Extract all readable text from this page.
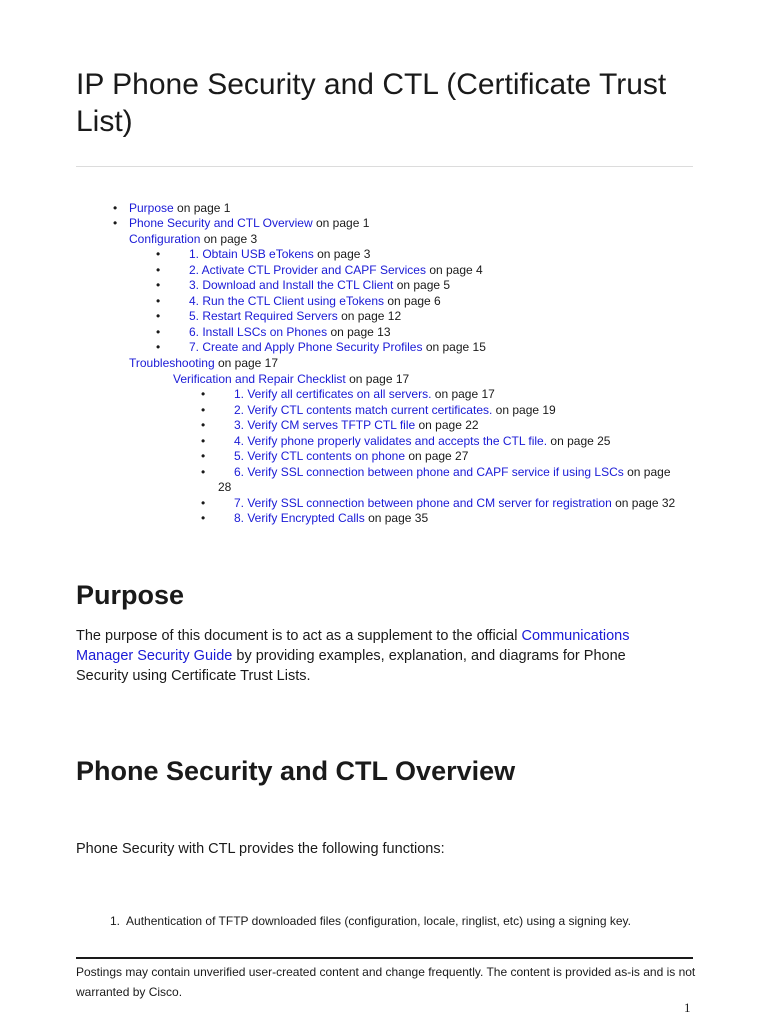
IP Phone Security and CTL (Certificate Trust List)
• Purpose on page 1
• Phone Security and CTL Overview on page 1
Configuration on page 3
• 1. Obtain USB eTokens on page 3
• 2. Activate CTL Provider and CAPF Services on page 4
• 3. Download and Install the CTL Client on page 5
• 4. Run the CTL Client using eTokens on page 6
• 5. Restart Required Servers on page 12
• 6. Install LSCs on Phones on page 13
• 7. Create and Apply Phone Security Profiles on page 15
Troubleshooting on page 17
Verification and Repair Checklist on page 17
• 1. Verify all certificates on all servers. on page 17
• 2. Verify CTL contents match current certificates. on page 19
• 3. Verify CM serves TFTP CTL file on page 22
• 4. Verify phone properly validates and accepts the CTL file. on page 25
• 5. Verify CTL contents on phone on page 27
• 6. Verify SSL connection between phone and CAPF service if using LSCs on page
28
• 7. Verify SSL connection between phone and CM server for registration on page 32
• 8. Verify Encrypted Calls on page 35
Purpose

The purpose of this document is to act as a supplement to the official Communications Manager Security Guide by providing examples, explanation, and diagrams for Phone Security using Certificate Trust Lists.

Phone Security and CTL Overview

Phone Security with CTL provides the following functions:

1. Authentication of TFTP downloaded files (configuration, locale, ringlist, etc) using a signing key.

Postings may contain unverified user-created content and change frequently. The content is provided as-is and is not warranted by Cisco.

1
